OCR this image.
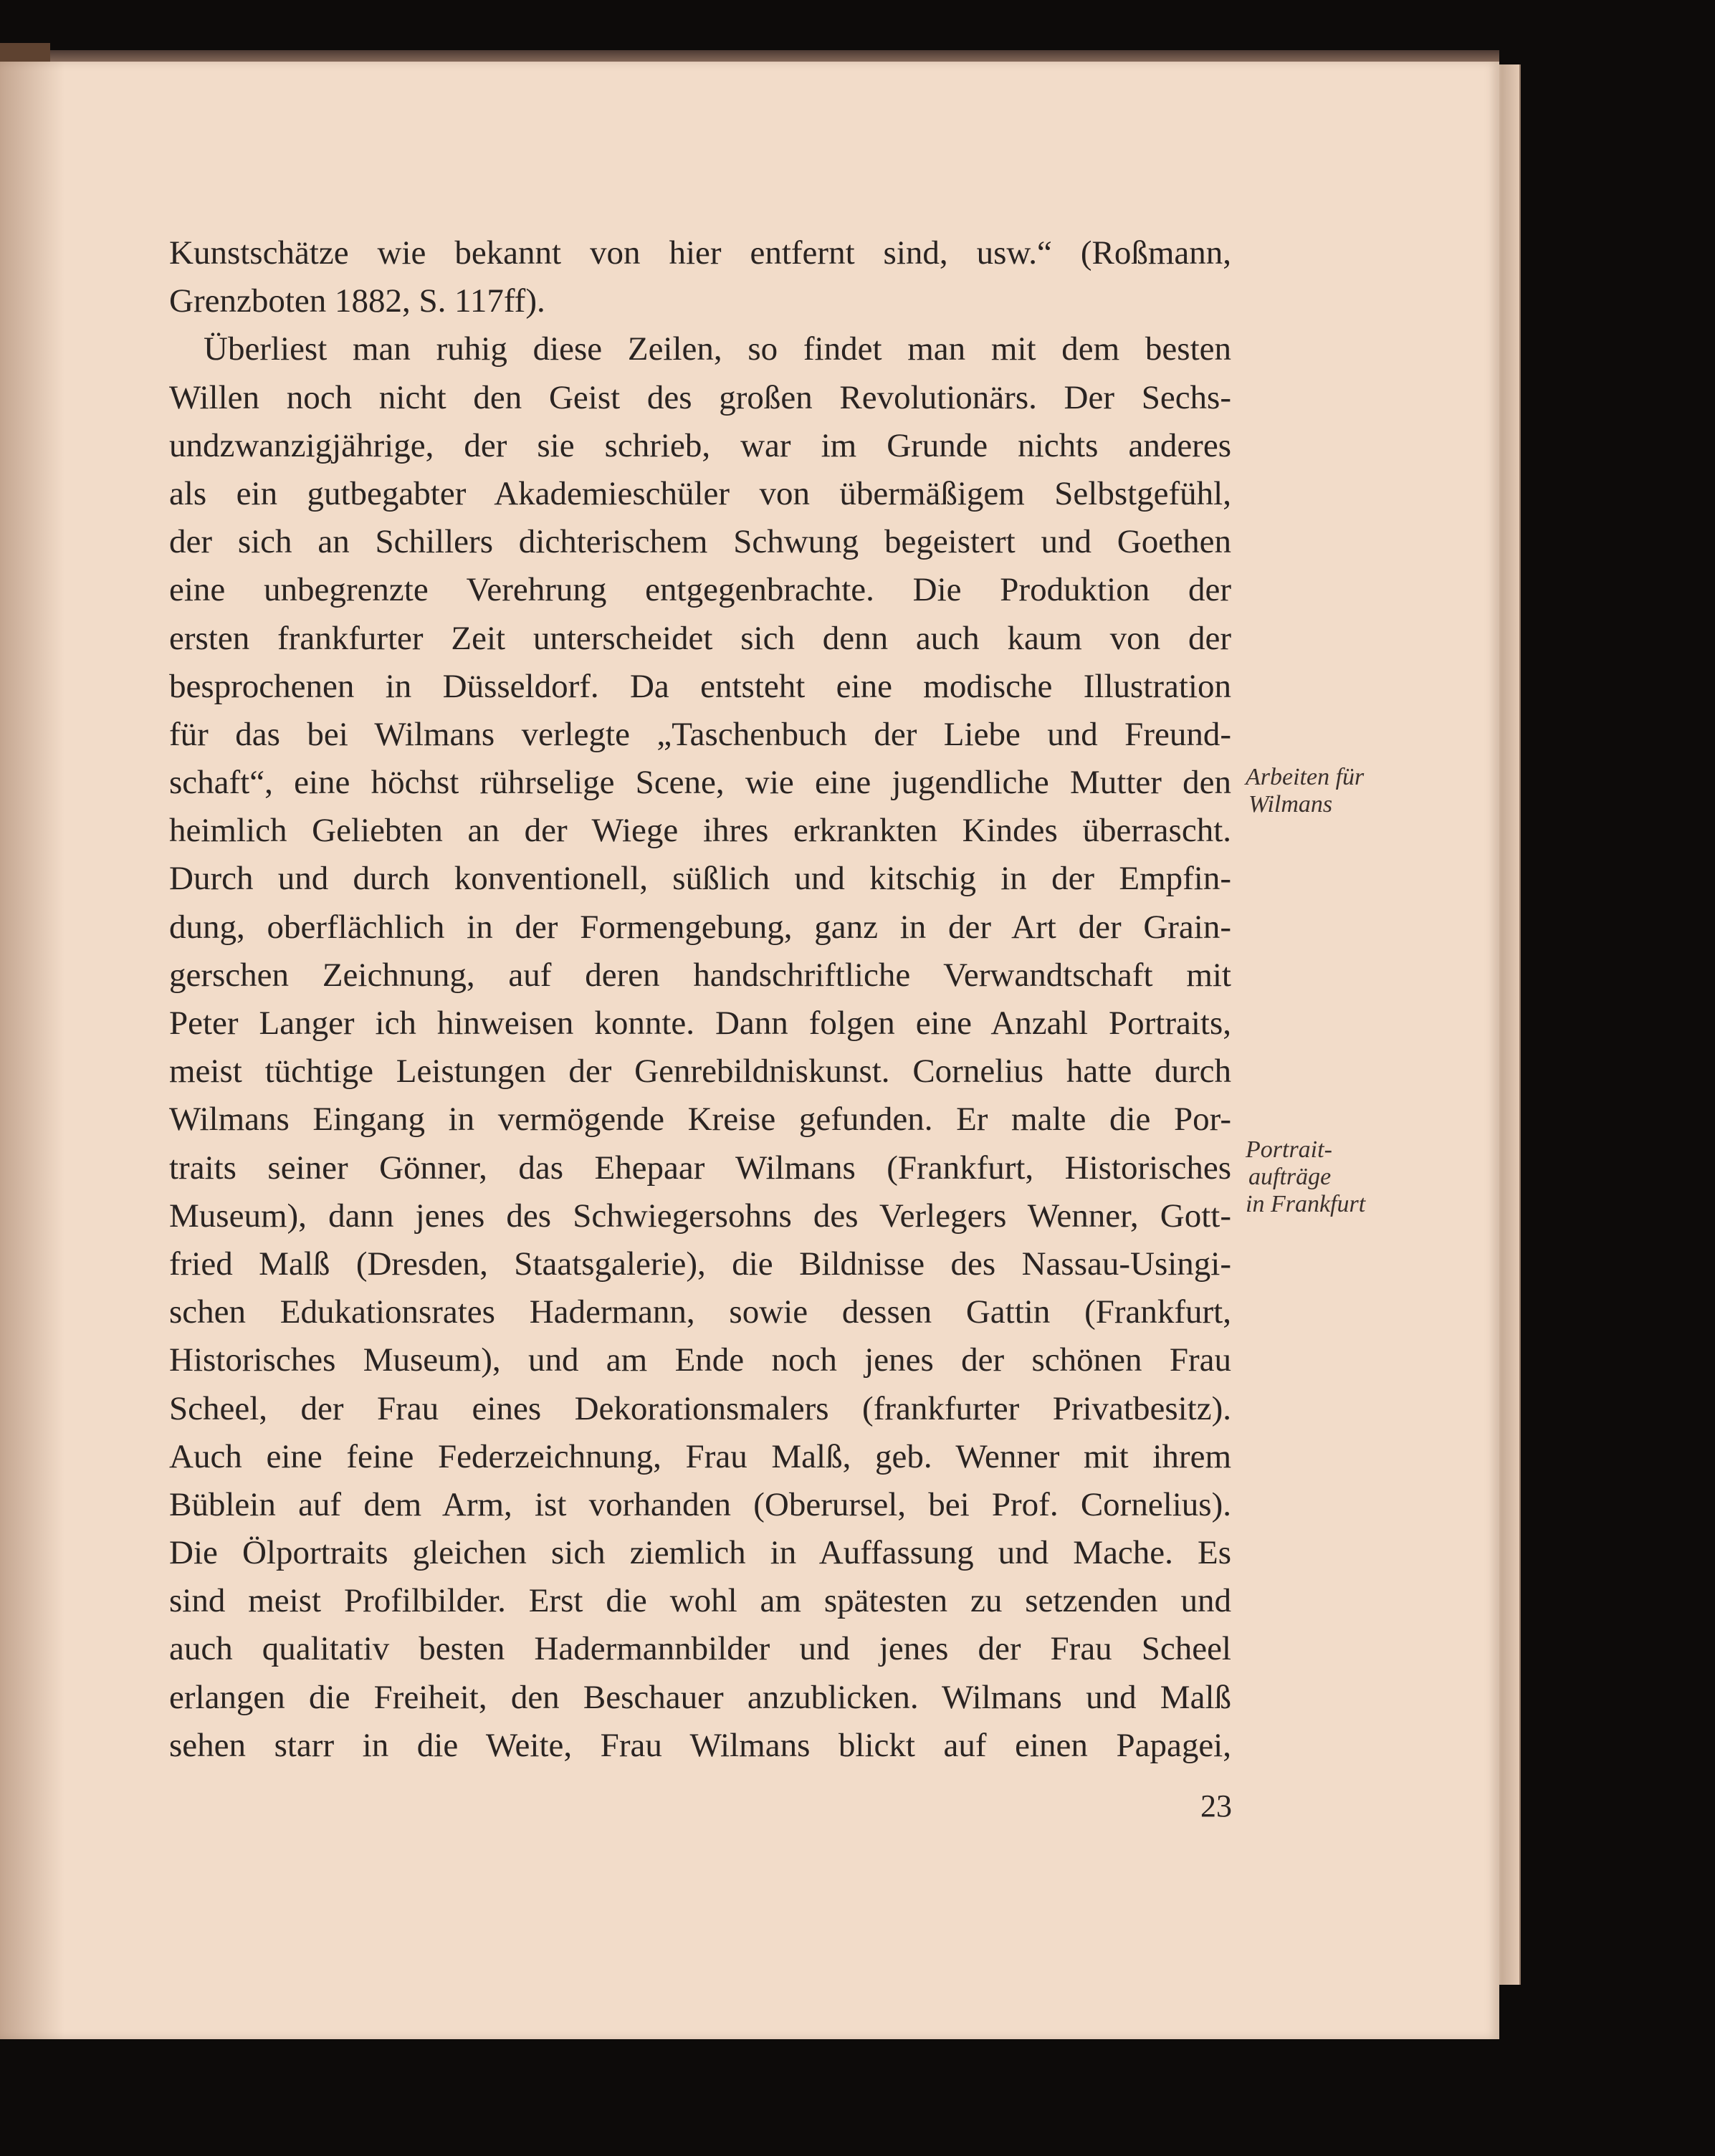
Kunstschätze wie bekannt von hier entfernt sind, usw.“ (Roßmann,
Grenzboten 1882, S. 117ff).
Überliest man ruhig diese Zeilen, so findet man mit dem besten
Willen noch nicht den Geist des großen Revolutionärs. Der Sechs-
undzwanzigjährige, der sie schrieb, war im Grunde nichts anderes
als ein gutbegabter Akademieschüler von übermäßigem Selbstgefühl,
der sich an Schillers dichterischem Schwung begeistert und Goethen
eine unbegrenzte Verehrung entgegenbrachte. Die Produktion der
ersten frankfurter Zeit unterscheidet sich denn auch kaum von der
besprochenen in Düsseldorf. Da entsteht eine modische Illustration
für das bei Wilmans verlegte „Taschenbuch der Liebe und Freund-
schaft“, eine höchst rührselige Scene, wie eine jugendliche Mutter den
heimlich Geliebten an der Wiege ihres erkrankten Kindes überrascht.
Durch und durch konventionell, süßlich und kitschig in der Empfin-
dung, oberflächlich in der Formengebung, ganz in der Art der Grain-
gerschen Zeichnung, auf deren handschriftliche Verwandtschaft mit
Peter Langer ich hinweisen konnte. Dann folgen eine Anzahl Portraits,
meist tüchtige Leistungen der Genrebildniskunst. Cornelius hatte durch
Wilmans Eingang in vermögende Kreise gefunden. Er malte die Por-
traits seiner Gönner, das Ehepaar Wilmans (Frankfurt, Historisches
Museum), dann jenes des Schwiegersohns des Verlegers Wenner, Gott-
fried Malß (Dresden, Staatsgalerie), die Bildnisse des Nassau-Usingi-
schen Edukationsrates Hadermann, sowie dessen Gattin (Frankfurt,
Historisches Museum), und am Ende noch jenes der schönen Frau
Scheel, der Frau eines Dekorationsmalers (frankfurter Privatbesitz).
Auch eine feine Federzeichnung, Frau Malß, geb. Wenner mit ihrem
Büblein auf dem Arm, ist vorhanden (Oberursel, bei Prof. Cornelius).
Die Ölportraits gleichen sich ziemlich in Auffassung und Mache. Es
sind meist Profilbilder. Erst die wohl am spätesten zu setzenden und
auch qualitativ besten Hadermannbilder und jenes der Frau Scheel
erlangen die Freiheit, den Beschauer anzublicken. Wilmans und Malß
sehen starr in die Weite, Frau Wilmans blickt auf einen Papagei,
Arbeiten für
Wilmans
Portrait-
aufträge
in Frankfurt
23
